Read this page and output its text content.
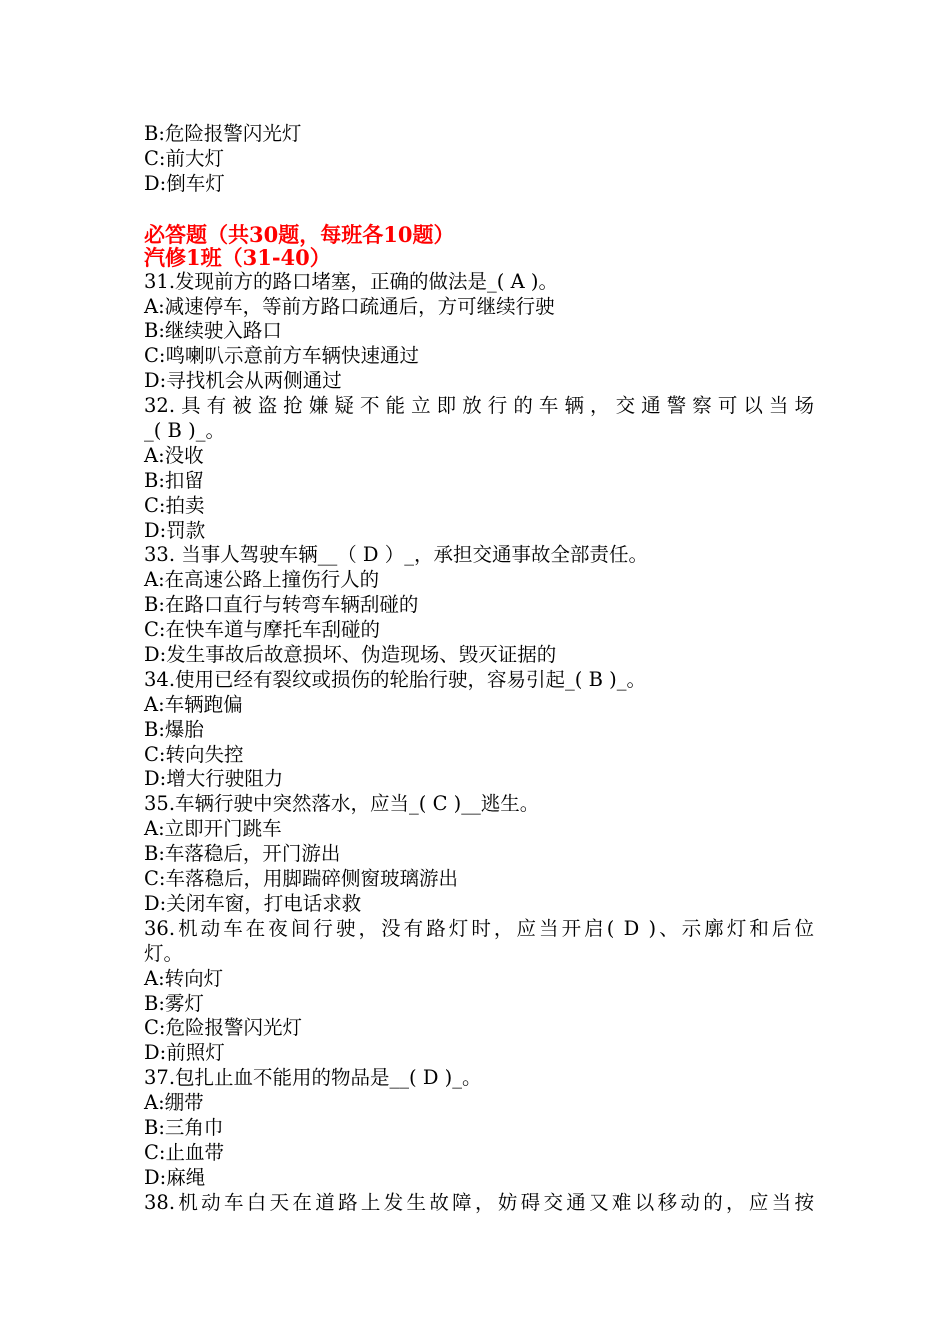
B:危险报警闪光灯
C:前大灯
D:倒车灯
必答题（共30题，每班各10题）
汽修1班（31-40）
31.发现前方的路口堵塞，正确的做法是_( A )。
A:减速停车，等前方路口疏通后，方可继续行驶
B:继续驶入路口
C:鸣喇叭示意前方车辆快速通过
D:寻找机会从两侧通过
32.具有被盗抢嫌疑不能立即放行的车辆，交通警察可以当场
_( B )_。
A:没收
B:扣留
C:拍卖
D:罚款
33. 当事人驾驶车辆__（ D ）_，承担交通事故全部责任。
A:在高速公路上撞伤行人的
B:在路口直行与转弯车辆刮碰的
C:在快车道与摩托车刮碰的
D:发生事故后故意损坏、伪造现场、毁灭证据的
34.使用已经有裂纹或损伤的轮胎行驶，容易引起_( B )_。
A:车辆跑偏
B:爆胎
C:转向失控
D:增大行驶阻力
35.车辆行驶中突然落水，应当_( C )__逃生。
A:立即开门跳车
B:车落稳后，开门游出
C:车落稳后，用脚踹碎侧窗玻璃游出
D:关闭车窗，打电话求救
36.机动车在夜间行驶，没有路灯时，应当开启( D )、示廓灯和后位
灯。
A:转向灯
B:雾灯
C:危险报警闪光灯
D:前照灯
37.包扎止血不能用的物品是__( D )_。
A:绷带
B:三角巾
C:止血带
D:麻绳
38.机动车白天在道路上发生故障，妨碍交通又难以移动的，应当按
